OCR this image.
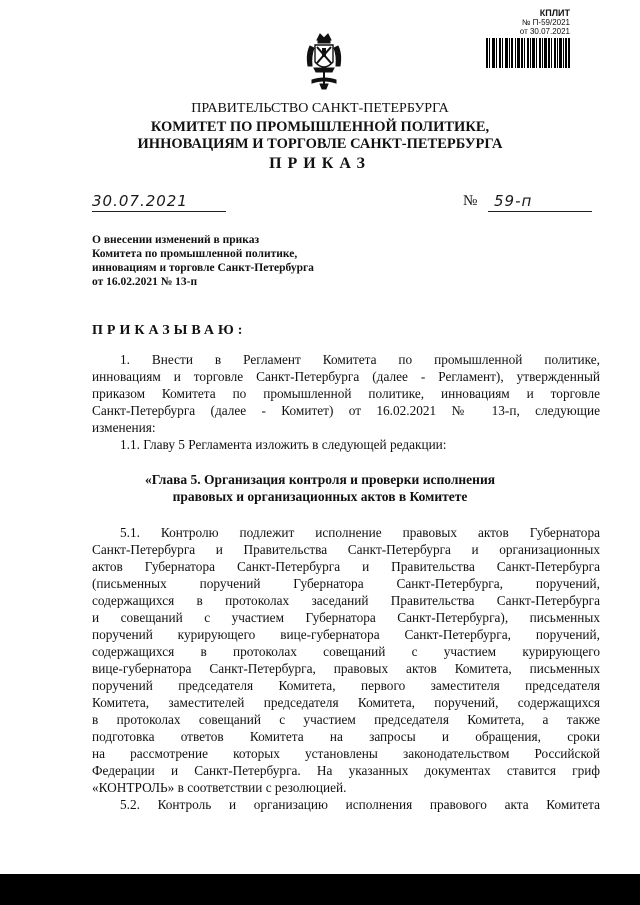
КПЛИТ
№ П-59/2021
от 30.07.2021
ПРАВИТЕЛЬСТВО САНКТ-ПЕТЕРБУРГА
КОМИТЕТ ПО ПРОМЫШЛЕННОЙ ПОЛИТИКЕ,
ИННОВАЦИЯМ И ТОРГОВЛЕ САНКТ-ПЕТЕРБУРГА
ПРИКАЗ
30.07.2021	№ 59-п
О внесении изменений в приказ
Комитета по промышленной политике,
инновациям и торговле Санкт-Петербурга
от 16.02.2021 № 13-п
ПРИКАЗЫВАЮ:
1. Внести в Регламент Комитета по промышленной политике,
инновациям и торговле Санкт-Петербурга (далее - Регламент), утвержденный
приказом Комитета по промышленной политике, инновациям и торговле
Санкт-Петербурга (далее - Комитет) от 16.02.2021 № 13-п, следующие
изменения:
1.1. Главу 5 Регламента изложить в следующей редакции:
«Глава 5. Организация контроля и проверки исполнения
правовых и организационных актов в Комитете
5.1. Контролю подлежит исполнение правовых актов Губернатора
Санкт-Петербурга и Правительства Санкт-Петербурга и организационных
актов Губернатора Санкт-Петербурга и Правительства Санкт-Петербурга
(письменных поручений Губернатора Санкт-Петербурга, поручений,
содержащихся в протоколах заседаний Правительства Санкт-Петербурга
и совещаний с участием Губернатора Санкт-Петербурга), письменных
поручений курирующего вице-губернатора Санкт-Петербурга, поручений,
содержащихся в протоколах совещаний с участием курирующего
вице-губернатора Санкт-Петербурга, правовых актов Комитета, письменных
поручений председателя Комитета, первого заместителя председателя
Комитета, заместителей председателя Комитета, поручений, содержащихся
в протоколах совещаний с участием председателя Комитета, а также
подготовка ответов Комитета на запросы и обращения, сроки
на рассмотрение которых установлены законодательством Российской
Федерации и Санкт-Петербурга. На указанных документах ставится гриф
«КОНТРОЛЬ» в соответствии с резолюцией.
5.2. Контроль и организацию исполнения правового акта Комитета
